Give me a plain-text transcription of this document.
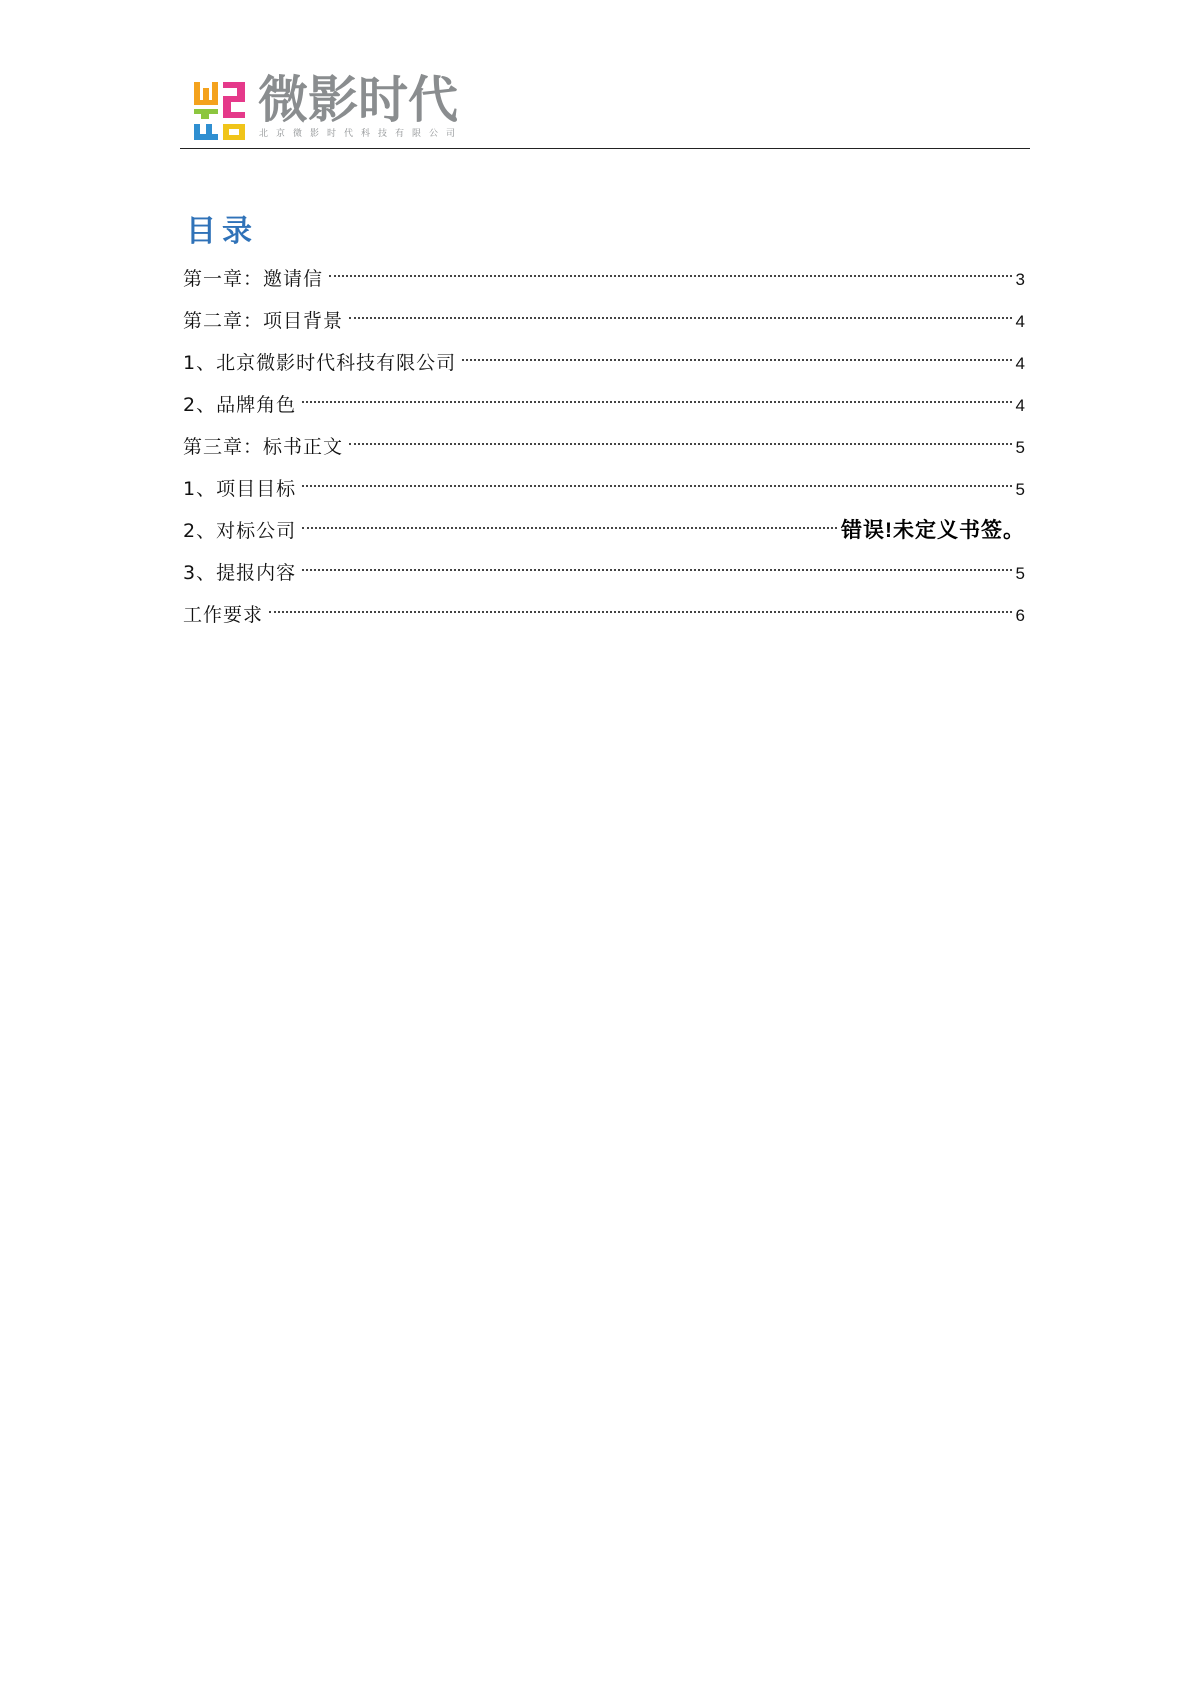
微影时代
北京微影时代科技有限公司
目录
第一章：邀请信	3
第二章：项目背景	4
1、北京微影时代科技有限公司	4
2、品牌角色	4
第三章：标书正文	5
1、项目目标	5
2、对标公司	错误!未定义书签。
3、提报内容	5
工作要求	6
